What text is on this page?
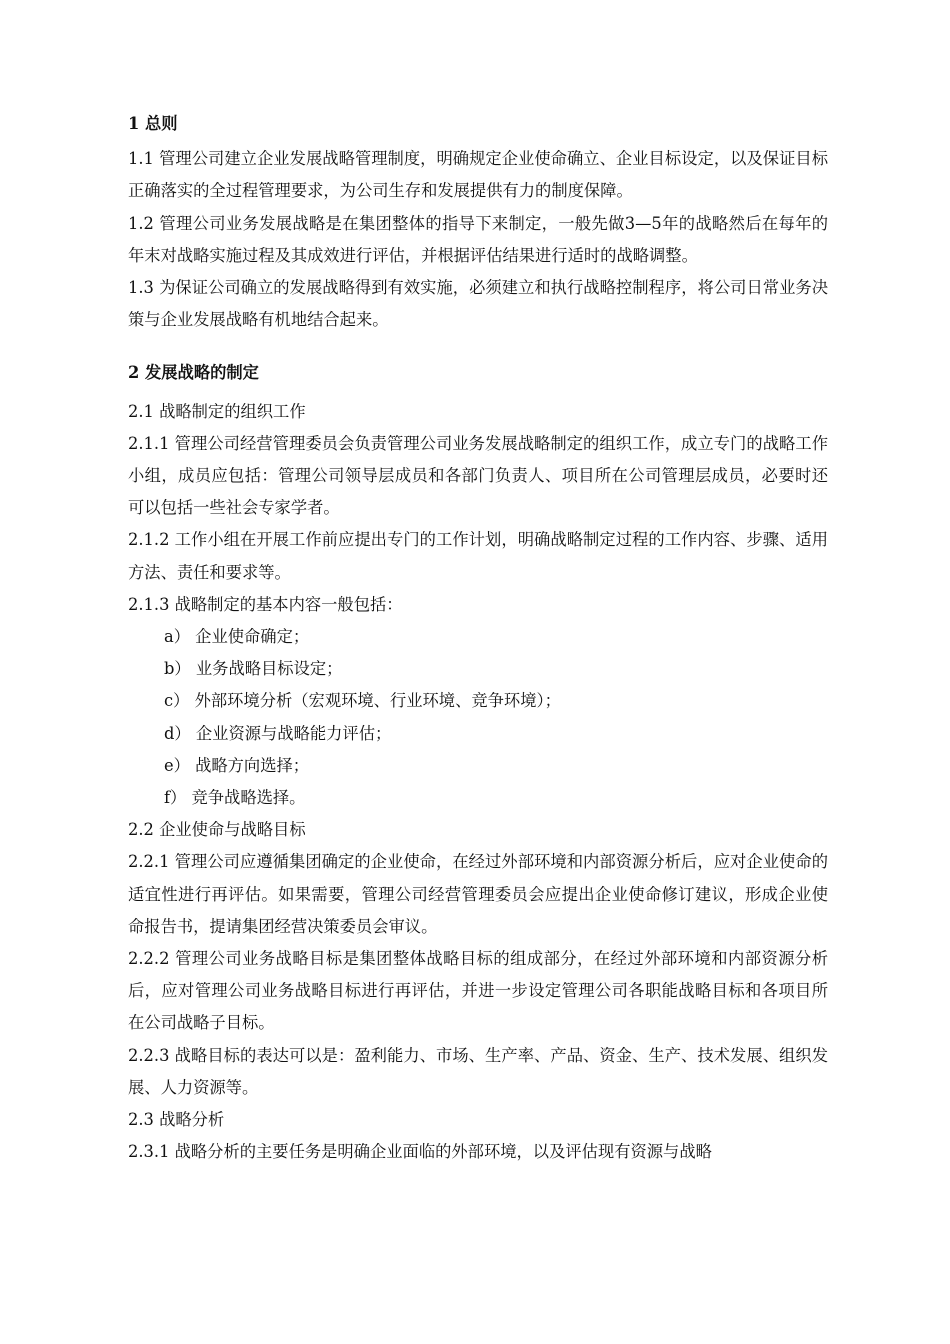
1 总则

1.1 管理公司建立企业发展战略管理制度，明确规定企业使命确立、企业目标设定，以及保证目标正确落实的全过程管理要求，为公司生存和发展提供有力的制度保障。

1.2 管理公司业务发展战略是在集团整体的指导下来制定，一般先做3—5年的战略然后在每年的年末对战略实施过程及其成效进行评估，并根据评估结果进行适时的战略调整。

1.3 为保证公司确立的发展战略得到有效实施，必须建立和执行战略控制程序，将公司日常业务决策与企业发展战略有机地结合起来。

2 发展战略的制定

2.1 战略制定的组织工作

2.1.1 管理公司经营管理委员会负责管理公司业务发展战略制定的组织工作，成立专门的战略工作小组，成员应包括：管理公司领导层成员和各部门负责人、项目所在公司管理层成员，必要时还可以包括一些社会专家学者。

2.1.2 工作小组在开展工作前应提出专门的工作计划，明确战略制定过程的工作内容、步骤、适用方法、责任和要求等。

2.1.3 战略制定的基本内容一般包括：

a） 企业使命确定；

b） 业务战略目标设定；

c） 外部环境分析（宏观环境、行业环境、竞争环境）；

d） 企业资源与战略能力评估；

e） 战略方向选择；

f） 竞争战略选择。

2.2 企业使命与战略目标

2.2.1 管理公司应遵循集团确定的企业使命，在经过外部环境和内部资源分析后，应对企业使命的适宜性进行再评估。如果需要，管理公司经营管理委员会应提出企业使命修订建议，形成企业使命报告书，提请集团经营决策委员会审议。

2.2.2 管理公司业务战略目标是集团整体战略目标的组成部分，在经过外部环境和内部资源分析后，应对管理公司业务战略目标进行再评估，并进一步设定管理公司各职能战略目标和各项目所在公司战略子目标。

2.2.3 战略目标的表达可以是：盈利能力、市场、生产率、产品、资金、生产、技术发展、组织发展、人力资源等。

2.3 战略分析

2.3.1 战略分析的主要任务是明确企业面临的外部环境，以及评估现有资源与战略
